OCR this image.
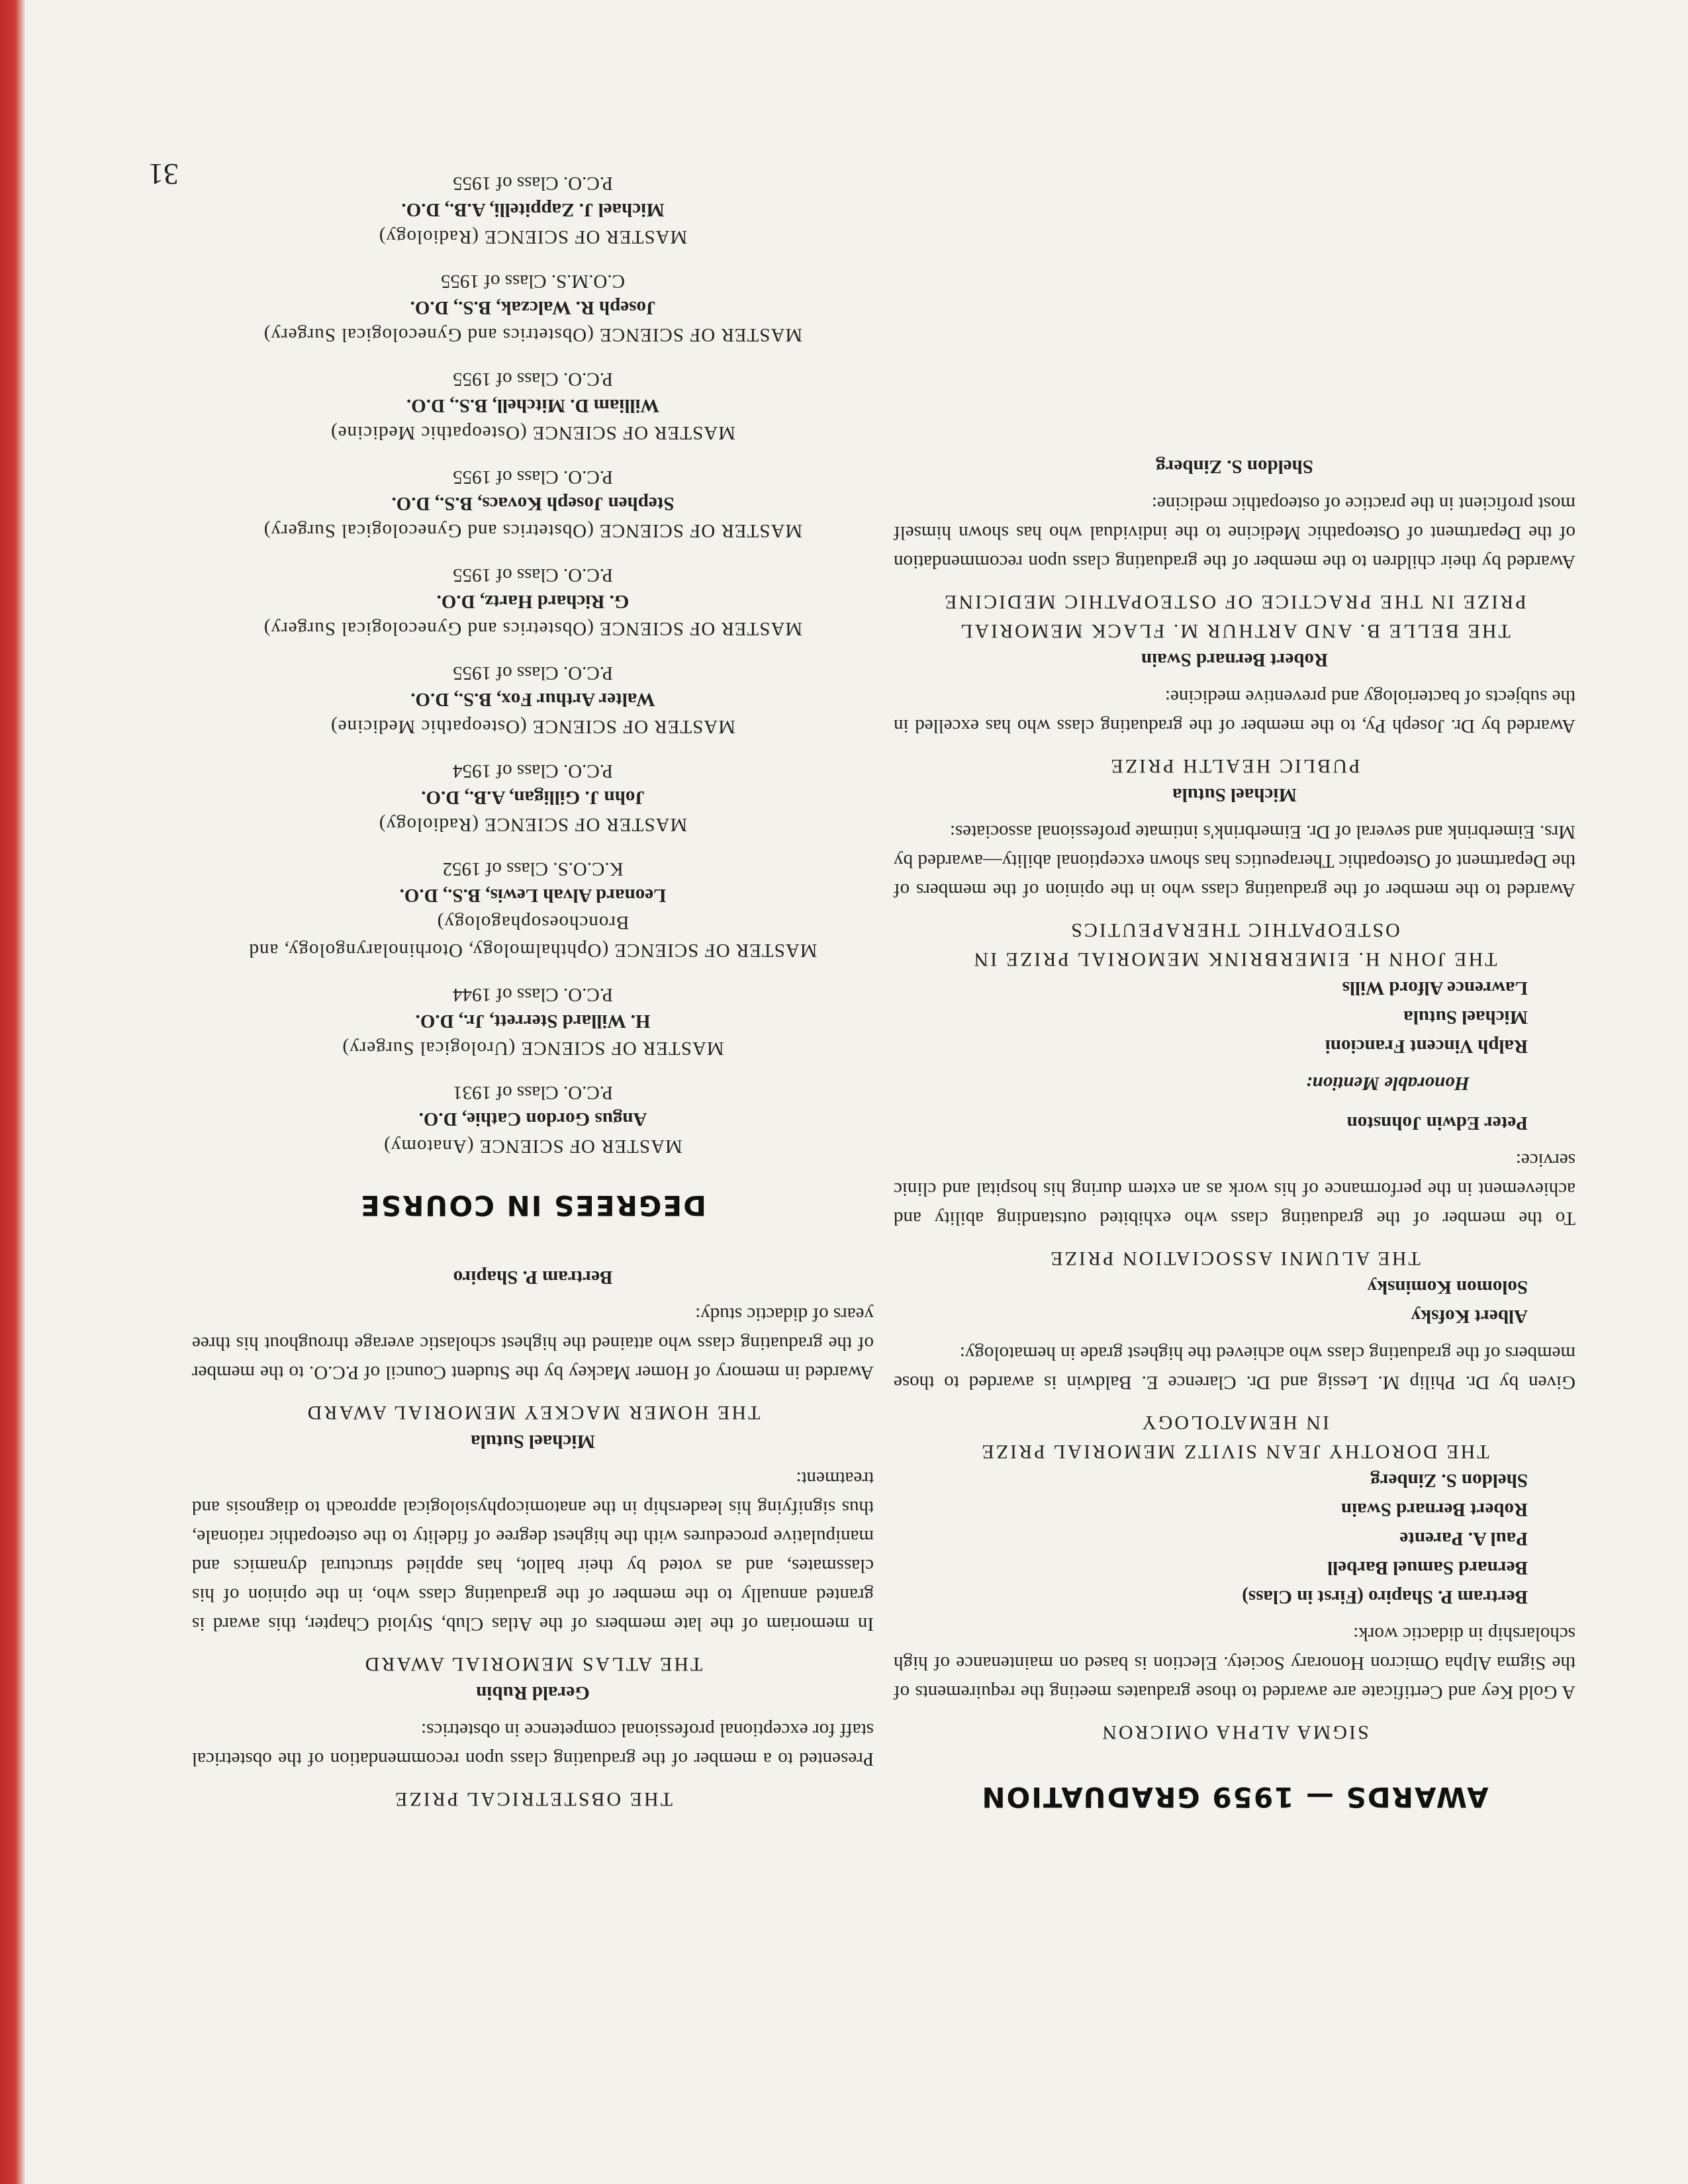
AWARDS — 1959 GRADUATION
SIGMA ALPHA OMICRON

A Gold Key and Certificate are awarded to those graduates meeting the requirements of the Sigma Alpha Omicron Honorary Society. Election is based on maintenance of high scholarship in didactic work:

Bertram P. Shapiro (First in Class)
Bernard Samuel Barbell
Paul A. Parente
Robert Bernard Swain
Sheldon S. Zinberg
THE DOROTHY JEAN SIVITZ MEMORIAL PRIZE
IN HEMATOLOGY

Given by Dr. Philip M. Lessig and Dr. Clarence E. Baldwin is awarded to those members of the graduating class who achieved the highest grade in hematology:

Albert Kofsky
Solomon Kominsky
THE ALUMNI ASSOCIATION PRIZE

To the member of the graduating class who exhibited outstanding ability and achievement in the performance of his work as an extern during his hospital and clinic service:

Peter Edwin Johnston
Honorable Mention:
Ralph Vincent Francioni
Michael Sutula
Lawrence Alford Wills
THE JOHN H. EIMERBRINK MEMORIAL PRIZE IN
OSTEOPATHIC THERAPEUTICS

Awarded to the member of the graduating class who in the opinion of the members of the Department of Osteopathic Therapeutics has shown exceptional ability—awarded by Mrs. Eimerbrink and several of Dr. Eimerbrink's intimate professional associates:

Michael Sutula
PUBLIC HEALTH PRIZE

Awarded by Dr. Joseph Py, to the member of the graduating class who has excelled in the subjects of bacteriology and preventive medicine:

Robert Bernard Swain
THE BELLE B. AND ARTHUR M. FLACK MEMORIAL
PRIZE IN THE PRACTICE OF OSTEOPATHIC MEDICINE

Awarded by their children to the member of the graduating class upon recommendation of the Department of Osteopathic Medicine to the individual who has shown himself most proficient in the practice of osteopathic medicine:

Sheldon S. Zinberg
THE OBSTETRICAL PRIZE

Presented to a member of the graduating class upon recommendation of the obstetrical staff for exceptional professional competence in obstetrics:

Gerald Rubin
THE ATLAS MEMORIAL AWARD

In memoriam of the late members of the Atlas Club, Styloid Chapter, this award is granted annually to the member of the graduating class who, in the opinion of his classmates, and as voted by their ballot, has applied structural dynamics and manipulative procedures with the highest degree of fidelity to the osteopathic rationale, thus signifying his leadership in the anatomicophysiological approach to diagnosis and treatment:

Michael Sutula
THE HOMER MACKEY MEMORIAL AWARD

Awarded in memory of Homer Mackey by the Student Council of P.C.O. to the member of the graduating class who attained the highest scholastic average throughout his three years of didactic study:

Bertram P. Shapiro
DEGREES IN COURSE
MASTER OF SCIENCE (Anatomy)
Angus Gordon Cathie, D.O.
P.C.O. Class of 1931
MASTER OF SCIENCE (Urological Surgery)
H. Willard Sterrett, Jr., D.O.
P.C.O. Class of 1944
MASTER OF SCIENCE (Ophthalmology, Otorhinolaryngology, and Bronchoesophagology)
Leonard Alvah Lewis, B.S., D.O.
K.C.O.S. Class of 1952
MASTER OF SCIENCE (Radiology)
John J. Gilligan, A.B., D.O.
P.C.O. Class of 1954
MASTER OF SCIENCE (Osteopathic Medicine)
Walter Arthur Fox, B.S., D.O.
P.C.O. Class of 1955
MASTER OF SCIENCE (Obstetrics and Gynecological Surgery)
G. Richard Hartz, D.O.
P.C.O. Class of 1955
MASTER OF SCIENCE (Obstetrics and Gynecological Surgery)
Stephen Joseph Kovacs, B.S., D.O.
P.C.O. Class of 1955
MASTER OF SCIENCE (Osteopathic Medicine)
William D. Mitchell, B.S., D.O.
P.C.O. Class of 1955
MASTER OF SCIENCE (Obstetrics and Gynecological Surgery)
Joseph R. Walczak, B.S., D.O.
C.O.M.S. Class of 1955
MASTER OF SCIENCE (Radiology)
Michael J. Zappitelli, A.B., D.O.
P.C.O. Class of 1955
31
